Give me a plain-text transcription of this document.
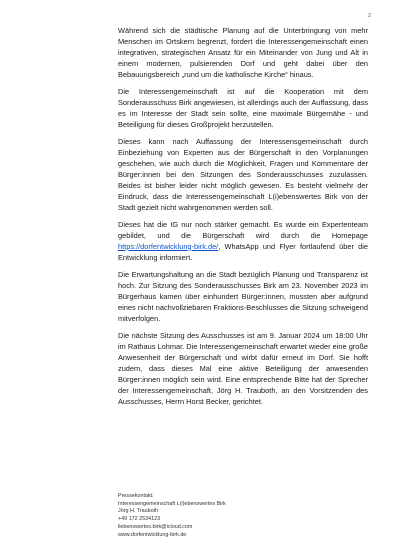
2

Während sich die städtische Planung auf die Unterbringung von mehr Menschen im Ortskern begrenzt, fordert die Interessengemeinschaft einen integrativen, strategischen Ansatz für ein Miteinander von Jung und Alt in einem modernen, pulsierenden Dorf und geht dabei über den Bebauungsbereich „rund um die katholische Kirche“ hinaus.

Die Interessengemeinschaft ist auf die Kooperation mit dem Sonderausschuss Birk angewiesen, ist allerdings auch der Auffassung, dass es im Interesse der Stadt sein sollte, eine maximale Bürgernähe - und Beteiligung für dieses Großprojekt herzustellen.

Dieses kann nach Auffassung der Interessensgemeinschaft durch Einbeziehung von Experten aus der Bürgerschaft in den Vorplanungen geschehen, wie auch durch die Möglichkeit, Fragen und Kommentare der Bürger:innen bei den Sitzungen des Sonderausschusses zuzulassen. Beides ist bisher leider nicht möglich gewesen. Es besteht vielmehr der Eindruck, dass die Interessengemeinschaft L(i)ebenswertes Birk von der Stadt gezielt nicht wahrgenommen werden soll.

Dieses hat die IG nur noch stärker gemacht. Es wurde ein Expertenteam gebildet, und die Bürgerschaft wird durch die Homepage https://dorfentwicklung-birk.de/, WhatsApp und Flyer fortlaufend über die Entwicklung informiert.

Die Erwartungshaltung an die Stadt bezüglich Planung und Transparenz ist hoch. Zur Sitzung des Sonderausschusses Birk am 23. November 2023 im Bürgerhaus kamen über einhundert Bürger:innen, mussten aber aufgrund eines nicht nachvollziebaren Fraktions-Beschlusses die Sitzung schweigend mitverfolgen.

Die nächste Sitzung des Ausschusses ist am 9. Januar 2024 um 18:00 Uhr im Rathaus Lohmar. Die Interessengemeinschaft erwartet wieder eine große Anwesenheit der Bürgerschaft und wirbt dafür erneut im Dorf. Sie hofft zudem, dass dieses Mal eine aktive Beteiligung der anwesenden Bürger:innen möglich sein wird. Eine entsprechende Bitte hat der Sprecher der Interessengemeinschaft, Jörg H. Trauboth, an den Vorsitzenden des Ausschusses, Herrn Horst Becker, gerichtet.

Pressekontakt:
Interessengemeinschaft L(i)ebenswertes Birk
Jörg H. Trauboth
+49 172 2534123
liebenswertes.birk@icloud.com
www.dorfentwicklung-birk.de
